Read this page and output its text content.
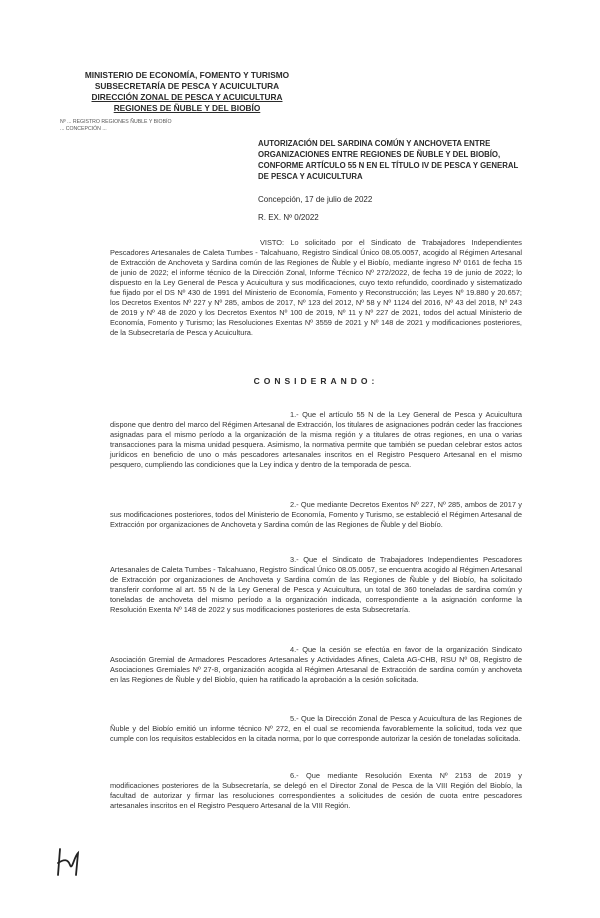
MINISTERIO DE ECONOMÍA, FOMENTO Y TURISMO
SUBSECRETARÍA DE PESCA Y ACUICULTURA
DIRECCIÓN ZONAL DE PESCA Y ACUICULTURA
REGIONES DE ÑUBLE Y DEL BIOBÍO
Nº ... REGISTRO REGIONES ÑUBLE Y BIOBÍO
... CONCEPCIÓN ...
AUTORIZACIÓN DEL SARDINA COMÚN Y ANCHOVETA ENTRE ORGANIZACIONES ENTRE REGIONES DE ÑUBLE Y DEL BIOBÍO, CONFORME ARTÍCULO 55 N EN EL TÍTULO IV DE PESCA Y GENERAL DE PESCA Y ACUICULTURA
Concepción, 17 de julio de 2022
R. EX. Nº 0/2022
VISTO: Lo solicitado por el Sindicato de Trabajadores Independientes Pescadores Artesanales de Caleta Tumbes - Talcahuano, Registro Sindical Único 08.05.0057, acogido al Régimen Artesanal de Extracción de Anchoveta y Sardina común de las Regiones de Ñuble y el Biobío, mediante ingreso Nº 0161 de fecha 15 de junio de 2022; el informe técnico de la Dirección Zonal, Informe Técnico Nº 272/2022, de fecha 19 de junio de 2022; lo dispuesto en la Ley General de Pesca y Acuicultura y sus modificaciones, cuyo texto refundido, coordinado y sistematizado fue fijado por el DS Nº 430 de 1991 del Ministerio de Economía, Fomento y Reconstrucción; las Leyes Nº 19.880 y 20.657; los Decretos Exentos Nº 227 y Nº 285, ambos de 2017, Nº 123 del 2012, Nº 58 y Nº 1124 del 2016, Nº 43 del 2018, Nº 243 de 2019 y Nº 48 de 2020 y los Decretos Exentos Nº 100 de 2019, Nº 11 y Nº 227 de 2021, todos del actual Ministerio de Economía, Fomento y Turismo; las Resoluciones Exentas Nº 3559 de 2021 y Nº 148 de 2021 y modificaciones posteriores, de la Subsecretaría de Pesca y Acuicultura.
CONSIDERANDO:
1.- Que el artículo 55 N de la Ley General de Pesca y Acuicultura dispone que dentro del marco del Régimen Artesanal de Extracción, los titulares de asignaciones podrán ceder las fracciones asignadas para el mismo período a la organización de la misma región y a titulares de otras regiones, en una o varias transacciones para la misma unidad pesquera. Asimismo, la normativa permite que también se puedan celebrar estos actos jurídicos en beneficio de uno o más pescadores artesanales inscritos en el Registro Pesquero Artesanal en el mismo pesquero, cumpliendo las condiciones que la Ley indica y dentro de la temporada de pesca.
2.- Que mediante Decretos Exentos Nº 227, Nº 285, ambos de 2017 y sus modificaciones posteriores, todos del Ministerio de Economía, Fomento y Turismo, se estableció el Régimen Artesanal de Extracción por organizaciones de Anchoveta y Sardina común de las Regiones de Ñuble y del Biobío.
3.- Que el Sindicato de Trabajadores Independientes Pescadores Artesanales de Caleta Tumbes - Talcahuano, Registro Sindical Único 08.05.0057, se encuentra acogido al Régimen Artesanal de Extracción por organizaciones de Anchoveta y Sardina común de las Regiones de Ñuble y del Biobío, ha solicitado transferir conforme al art. 55 N de la Ley General de Pesca y Acuicultura, un total de 360 toneladas de sardina común y toneladas de anchoveta del mismo período a la organización indicada, correspondiente a la asignación conforme la Resolución Exenta Nº 148 de 2022 y sus modificaciones posteriores de esta Subsecretaría.
4.- Que la cesión se efectúa en favor de la organización Sindicato Asociación Gremial de Armadores Pescadores Artesanales y Actividades Afines, Caleta AG-CHB, RSU Nº 08, Registro de Asociaciones Gremiales Nº 27-8, organización acogida al Régimen Artesanal de Extracción de sardina común y anchoveta en las Regiones de Ñuble y del Biobío, quien ha ratificado la aprobación a la cesión solicitada.
5.- Que la Dirección Zonal de Pesca y Acuicultura de las Regiones de Ñuble y del Biobío emitió un informe técnico Nº 272, en el cual se recomienda favorablemente la solicitud, toda vez que cumple con los requisitos establecidos en la citada norma, por lo que corresponde autorizar la cesión de toneladas solicitada.
6.- Que mediante Resolución Exenta Nº 2153 de 2019 y modificaciones posteriores de la Subsecretaría, se delegó en el Director Zonal de Pesca de la VIII Región del Biobío, la facultad de autorizar y firmar las resoluciones correspondientes a solicitudes de cesión de cuota entre pescadores artesanales inscritos en el Registro Pesquero Artesanal de la VIII Región.
